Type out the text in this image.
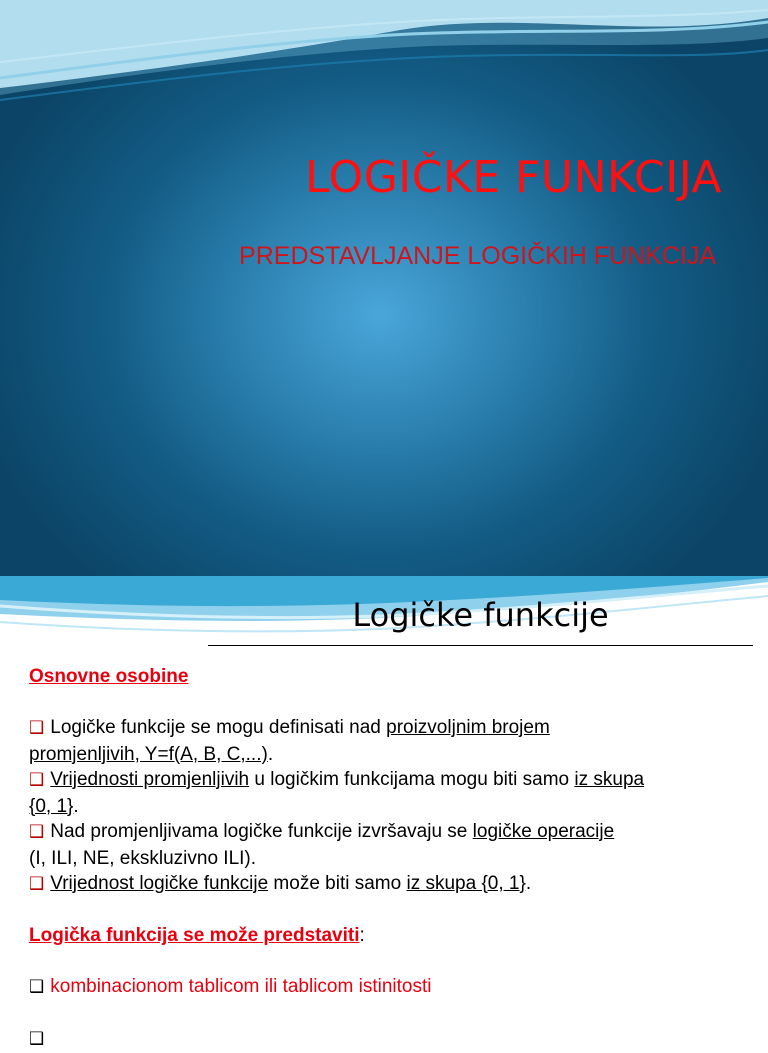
LOGIČKE FUNKCIJA

PREDSTAVLJANJE LOGIČKIH FUNKCIJA

Logičke funkcije

Osnovne osobine

❑ Logičke funkcije se mogu definisati nad proizvoljnim brojem
promjenljivih, Y=f(A, B, C,...).

❑ Vrijednosti promjenljivih u logičkim funkcijama mogu biti samo iz skupa
{0, 1}.

❑ Nad promjenljivama logičke funkcije izvršavaju se logičke operacije
(I, ILI, NE, ekskluzivno ILI).

❑ Vrijednost logičke funkcije može biti samo iz skupa {0, 1}.

Logička funkcija se može predstaviti:

❑ kombinacionom tablicom ili tablicom istinitosti

❑
